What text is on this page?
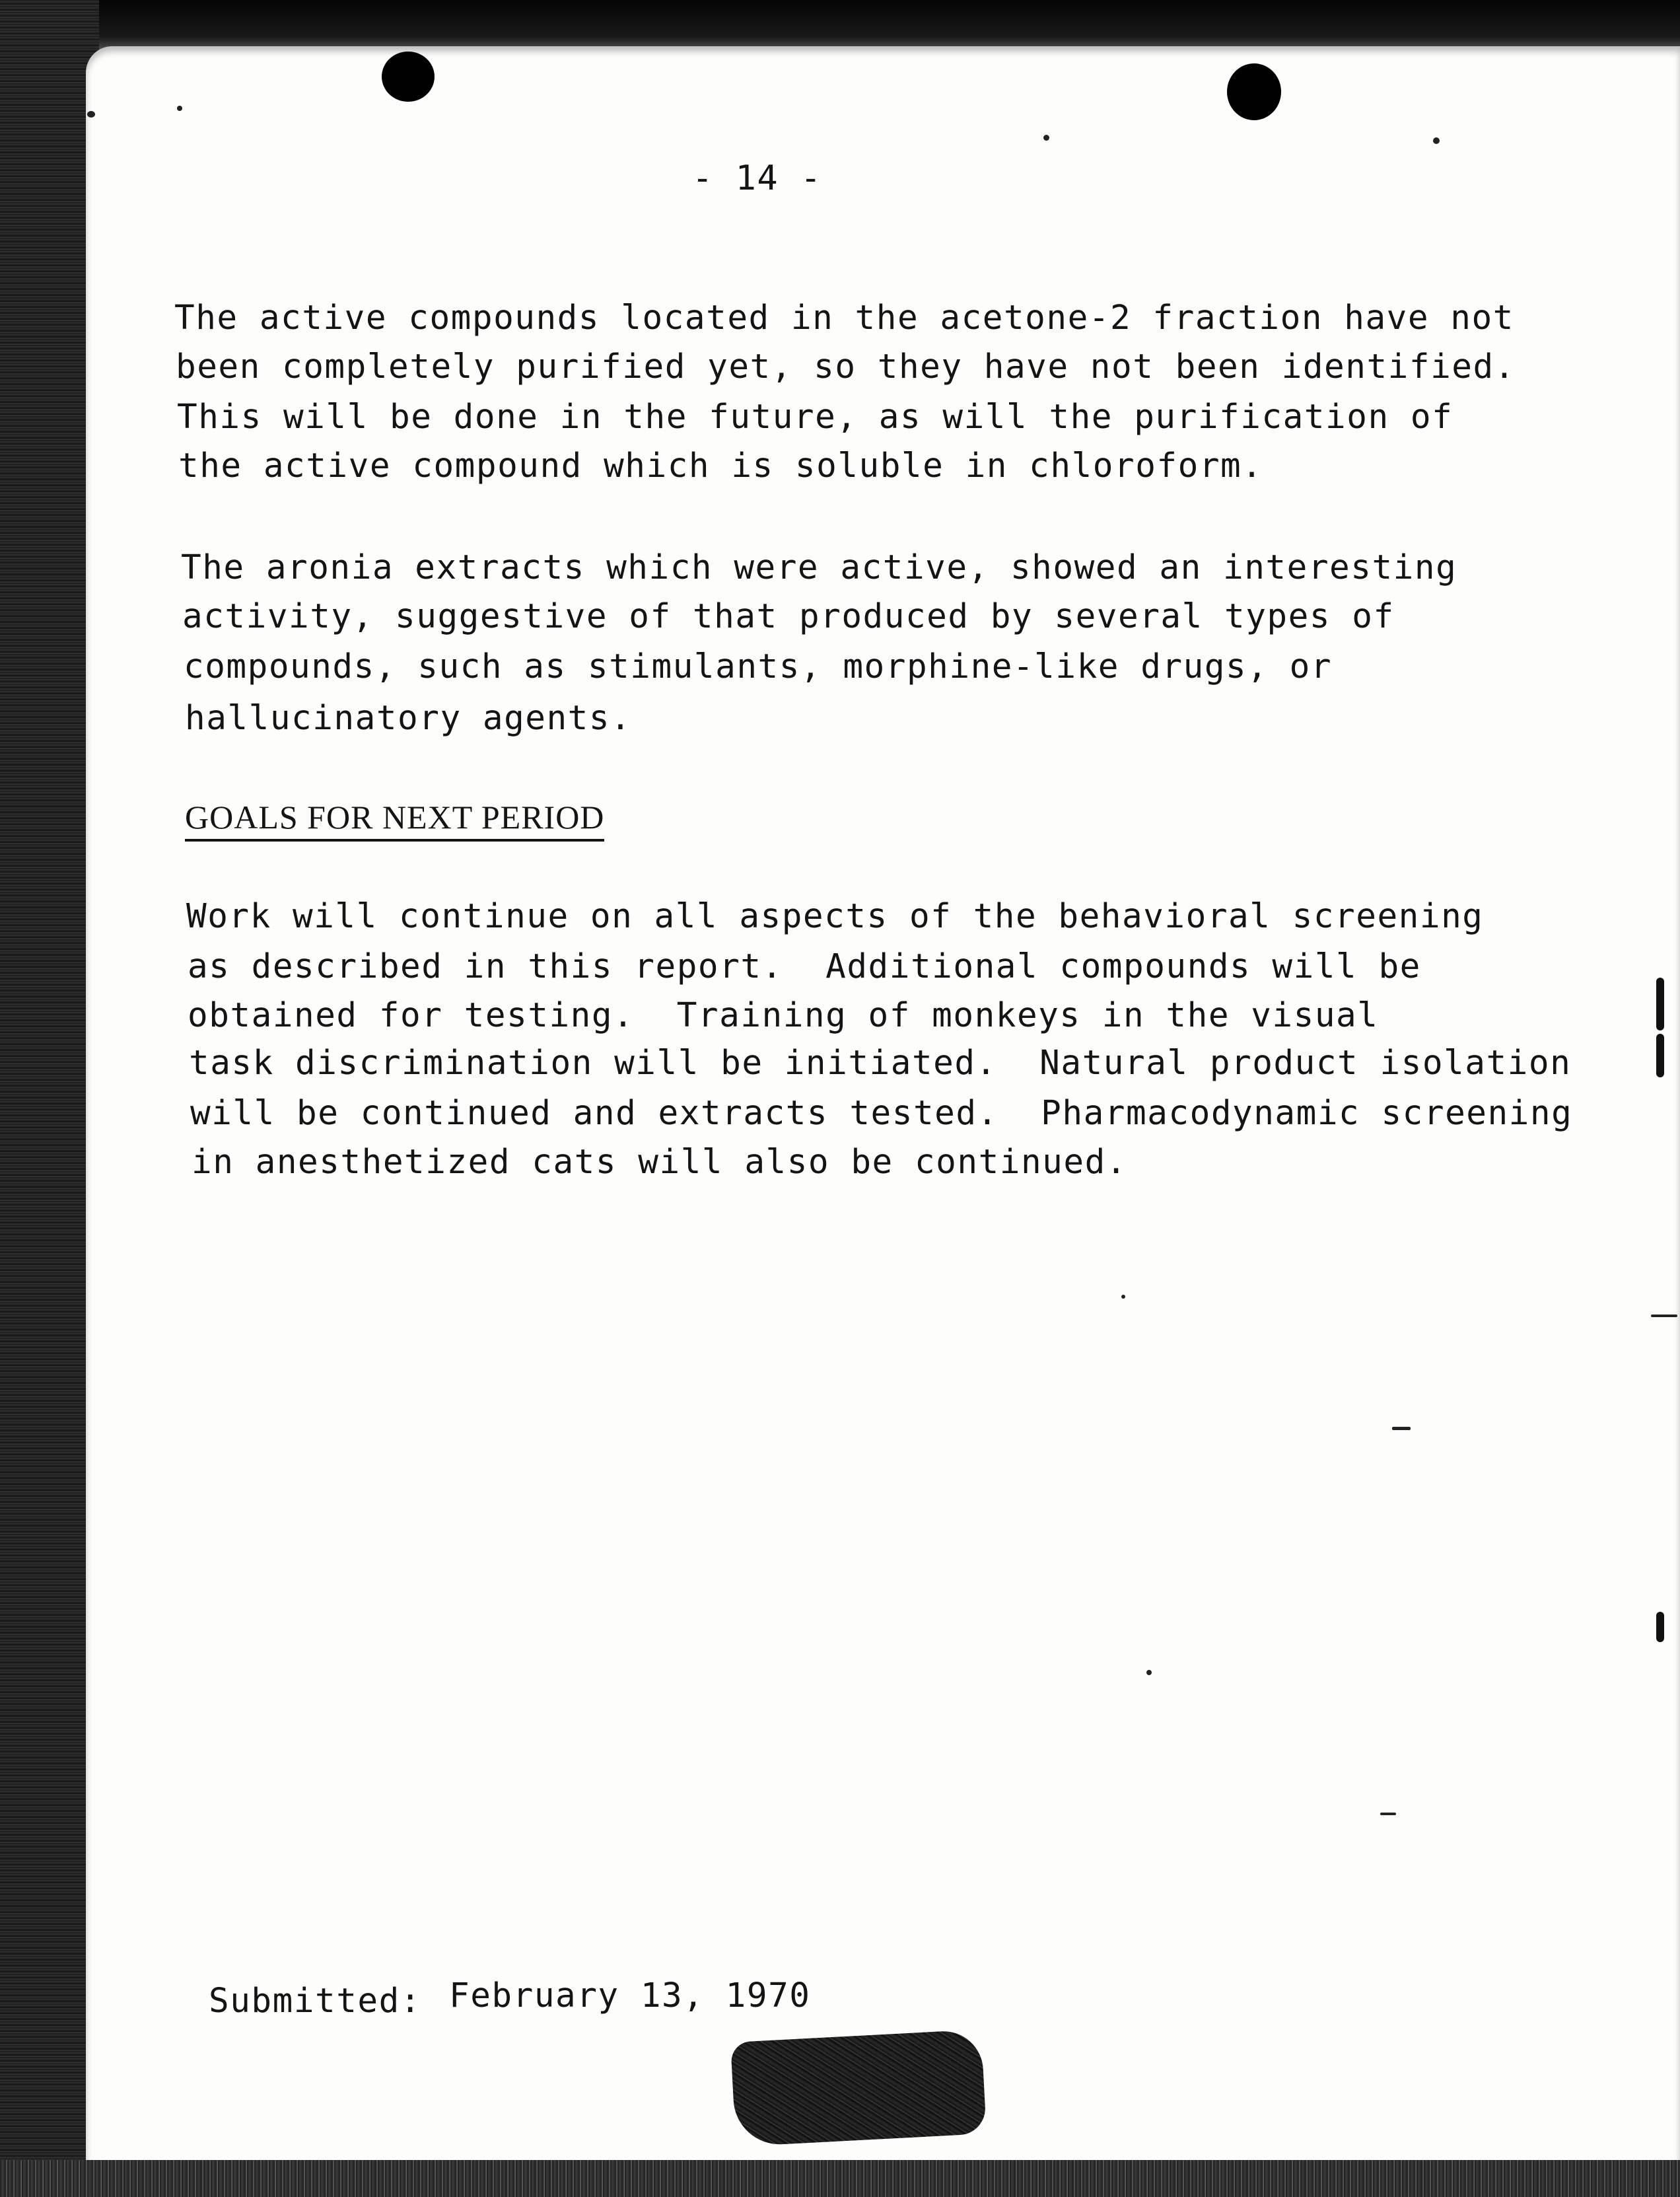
- 14 -

The active compounds located in the acetone-2 fraction have not

been completely purified yet, so they have not been identified.

This will be done in the future, as will the purification of

the active compound which is soluble in chloroform.

The aronia extracts which were active, showed an interesting

activity, suggestive of that produced by several types of

compounds, such as stimulants, morphine-like drugs, or

hallucinatory agents.

GOALS FOR NEXT PERIOD

Work will continue on all aspects of the behavioral screening

as described in this report.  Additional compounds will be

obtained for testing.  Training of monkeys in the visual

task discrimination will be initiated.  Natural product isolation

will be continued and extracts tested.  Pharmacodynamic screening

in anesthetized cats will also be continued.

Submitted: February 13, 1970
